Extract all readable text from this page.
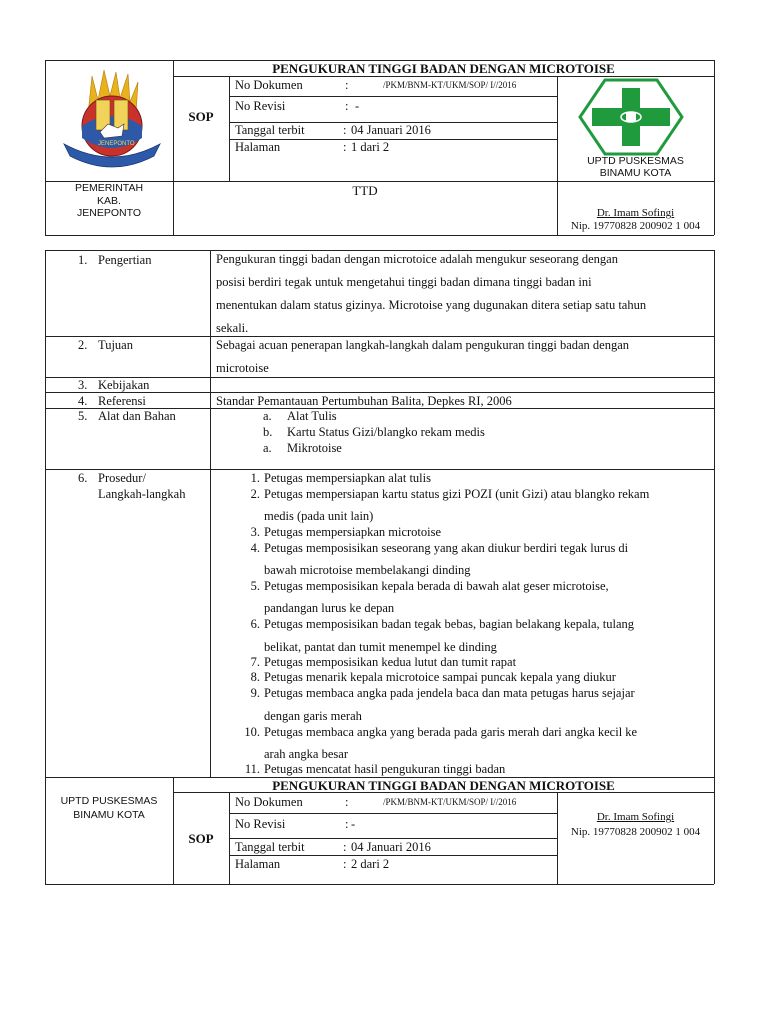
PENGUKURAN TINGGI BADAN DENGAN MICROTOISE
SOP
No Dokumen	:	/PKM/BNM-KT/UKM/SOP/ I//2016
No Revisi	: -
Tanggal terbit	: 04 Januari 2016
Halaman	: 1 dari 2
JENEPONTO
UPTD PUSKESMAS
BINAMU KOTA
PEMERINTAH
KAB.
JENEPONTO
TTD
Dr. Imam Sofingi
Nip. 19770828 200902 1 004
1. Pengertian	Pengukuran tinggi badan dengan microtoice adalah mengukur seseorang dengan
posisi berdiri tegak untuk mengetahui tinggi badan dimana tinggi badan ini
menentukan dalam status gizinya. Microtoise yang dugunakan ditera setiap satu tahun
sekali.
2. Tujuan	Sebagai acuan penerapan langkah-langkah dalam pengukuran tinggi badan dengan
microtoise
3. Kebijakan
4. Referensi	Standar Pemantauan Pertumbuhan Balita, Depkes RI, 2006
5. Alat dan Bahan	a. Alat Tulis
b. Kartu Status Gizi/blangko rekam medis
a. Mikrotoise
6. Prosedur/
Langkah-langkah
1. Petugas mempersiapkan alat tulis
2. Petugas mempersiapan kartu status gizi POZI (unit Gizi) atau blangko rekam
medis (pada unit lain)
3. Petugas mempersiapkan microtoise
4. Petugas memposisikan seseorang yang akan diukur berdiri tegak lurus di
bawah microtoise membelakangi dinding
5. Petugas memposisikan kepala berada di bawah alat geser microtoise,
pandangan lurus ke depan
6. Petugas memposisikan badan tegak bebas, bagian belakang kepala, tulang
belikat, pantat dan tumit menempel ke dinding
7. Petugas memposisikan kedua lutut dan tumit rapat
8. Petugas menarik kepala microtoice sampai puncak kepala yang diukur
9. Petugas membaca angka pada jendela baca dan mata petugas harus sejajar
dengan garis merah
10. Petugas membaca angka yang berada pada garis merah dari angka kecil ke
arah angka besar
11. Petugas mencatat hasil pengukuran tinggi badan
PENGUKURAN TINGGI BADAN DENGAN MICROTOISE
UPTD PUSKESMAS
BINAMU KOTA
SOP
No Dokumen	:	/PKM/BNM-KT/UKM/SOP/ I//2016
No Revisi	: -
Tanggal terbit	: 04 Januari 2016
Halaman	: 2 dari 2
Dr. Imam Sofingi
Nip. 19770828 200902 1 004
